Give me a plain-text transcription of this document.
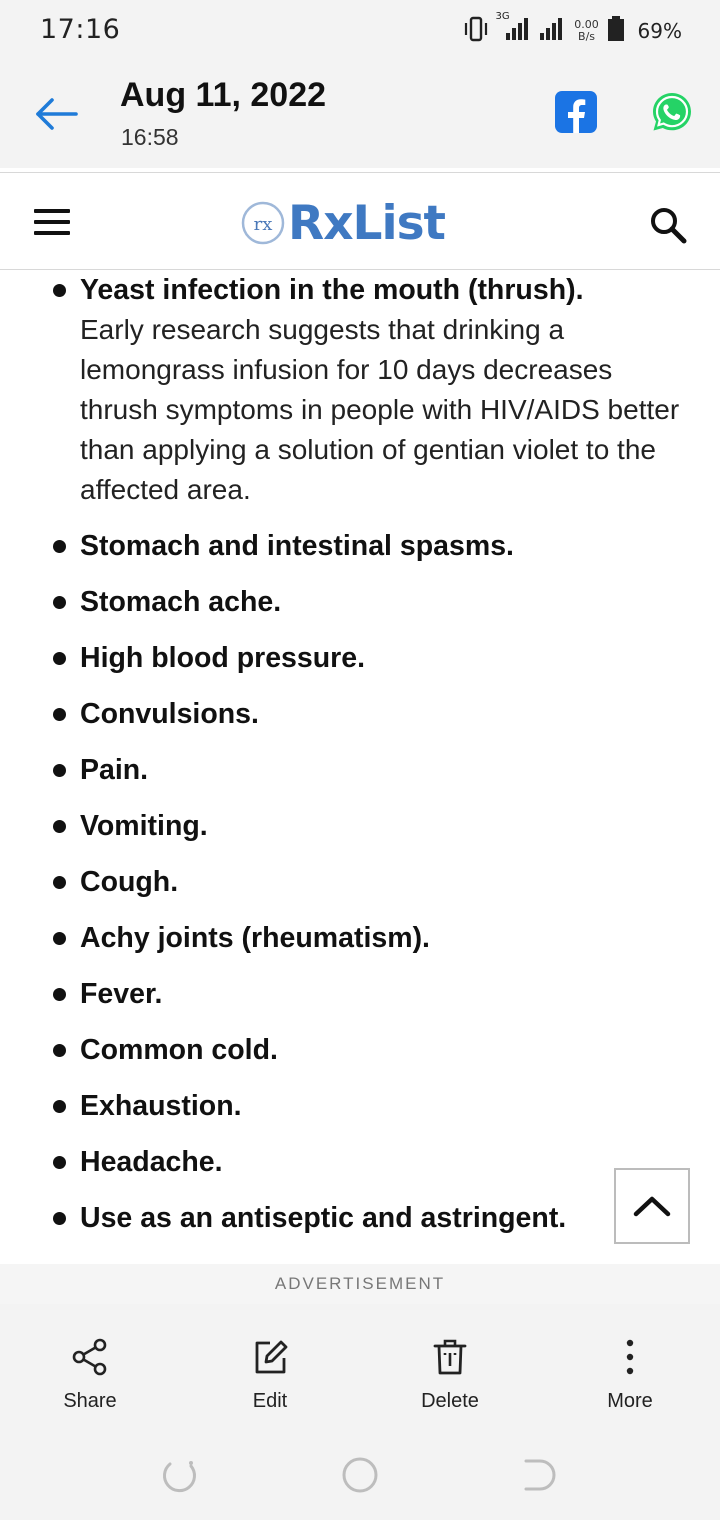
17:16	3G
0.00
B/s 69%
Aug 11, 2022
16:58
rx RxList
Yeast infection in the mouth (thrush).
Early research suggests that drinking a lemongrass infusion for 10 days decreases thrush symptoms in people with HIV/AIDS better than applying a solution of gentian violet to the affected area.
Stomach and intestinal spasms.
Stomach ache.
High blood pressure.
Convulsions.
Pain.
Vomiting.
Cough.
Achy joints (rheumatism).
Fever.
Common cold.
Exhaustion.
Headache.
Use as an antiseptic and astringent.
ADVERTISEMENT
Share	Edit	Delete	More
